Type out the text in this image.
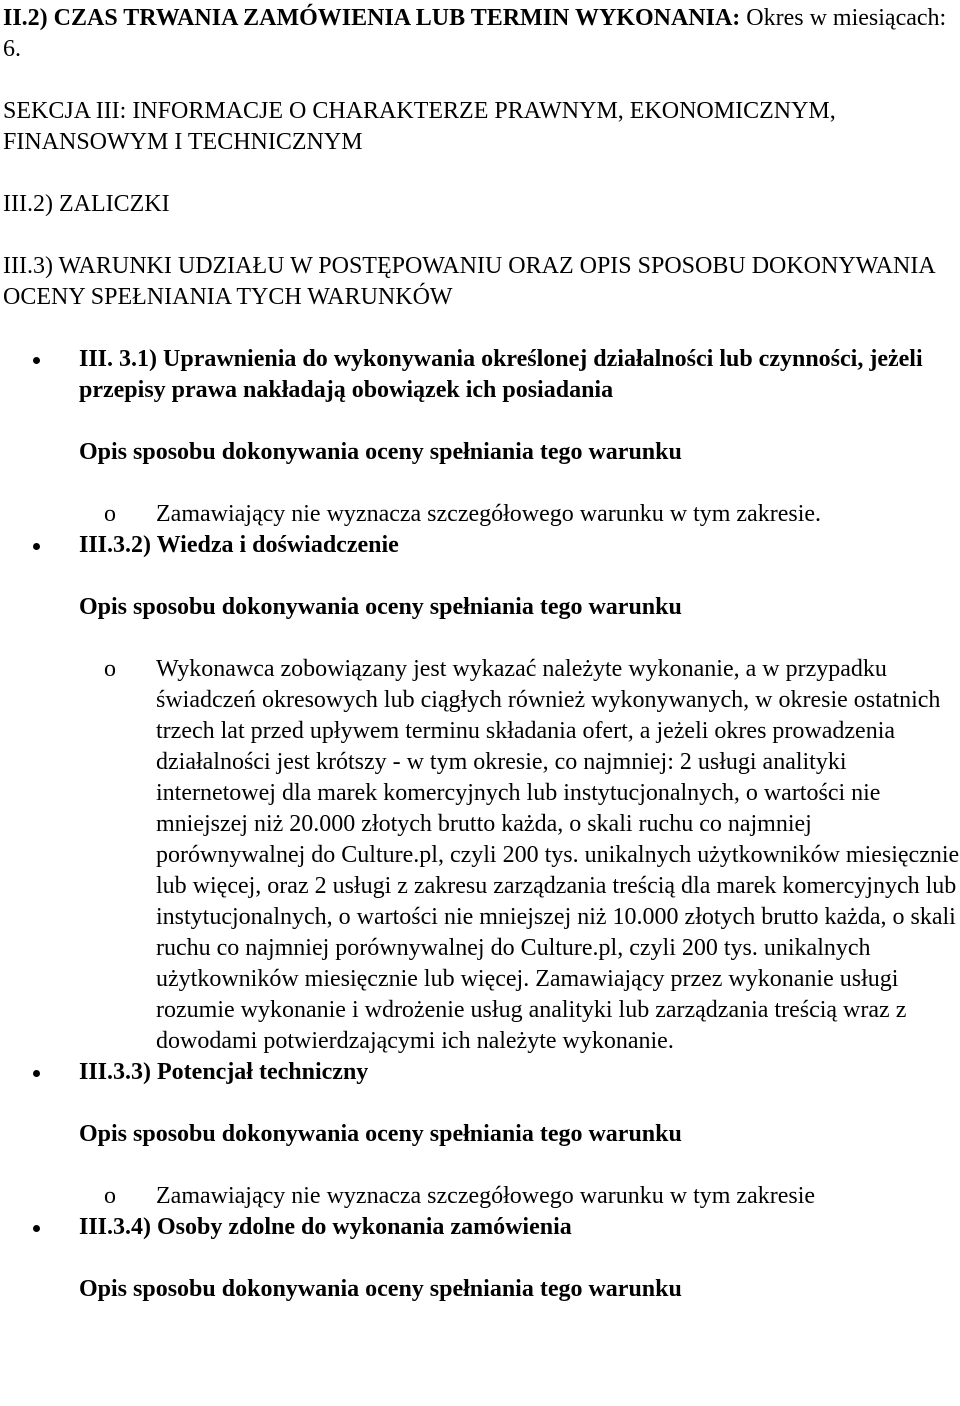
II.2) CZAS TRWANIA ZAMÓWIENIA LUB TERMIN WYKONANIA: Okres w miesiącach: 6.

SEKCJA III: INFORMACJE O CHARAKTERZE PRAWNYM, EKONOMICZNYM, FINANSOWYM I TECHNICZNYM

III.2) ZALICZKI

III.3) WARUNKI UDZIAŁU W POSTĘPOWANIU ORAZ OPIS SPOSOBU DOKONYWANIA OCENY SPEŁNIANIA TYCH WARUNKÓW

III. 3.1) Uprawnienia do wykonywania określonej działalności lub czynności, jeżeli przepisy prawa nakładają obowiązek ich posiadania

Opis sposobu dokonywania oceny spełniania tego warunku

o	Zamawiający nie wyznacza szczegółowego warunku w tym zakresie.
III.3.2) Wiedza i doświadczenie

Opis sposobu dokonywania oceny spełniania tego warunku

o	Wykonawca zobowiązany jest wykazać należyte wykonanie, a w przypadku świadczeń okresowych lub ciągłych również wykonywanych, w okresie ostatnich trzech lat przed upływem terminu składania ofert, a jeżeli okres prowadzenia działalności jest krótszy - w tym okresie, co najmniej: 2 usługi analityki internetowej dla marek komercyjnych lub instytucjonalnych, o wartości nie mniejszej niż 20.000 złotych brutto każda, o skali ruchu co najmniej porównywalnej do Culture.pl, czyli 200 tys. unikalnych użytkowników miesięcznie lub więcej, oraz 2 usługi z zakresu zarządzania treścią dla marek komercyjnych lub instytucjonalnych, o wartości nie mniejszej niż 10.000 złotych brutto każda, o skali ruchu co najmniej porównywalnej do Culture.pl, czyli 200 tys. unikalnych użytkowników miesięcznie lub więcej. Zamawiający przez wykonanie usługi rozumie wykonanie i wdrożenie usług analityki lub zarządzania treścią wraz z dowodami potwierdzającymi ich należyte wykonanie.
III.3.3) Potencjał techniczny

Opis sposobu dokonywania oceny spełniania tego warunku

o	Zamawiający nie wyznacza szczegółowego warunku w tym zakresie
III.3.4) Osoby zdolne do wykonania zamówienia

Opis sposobu dokonywania oceny spełniania tego warunku
